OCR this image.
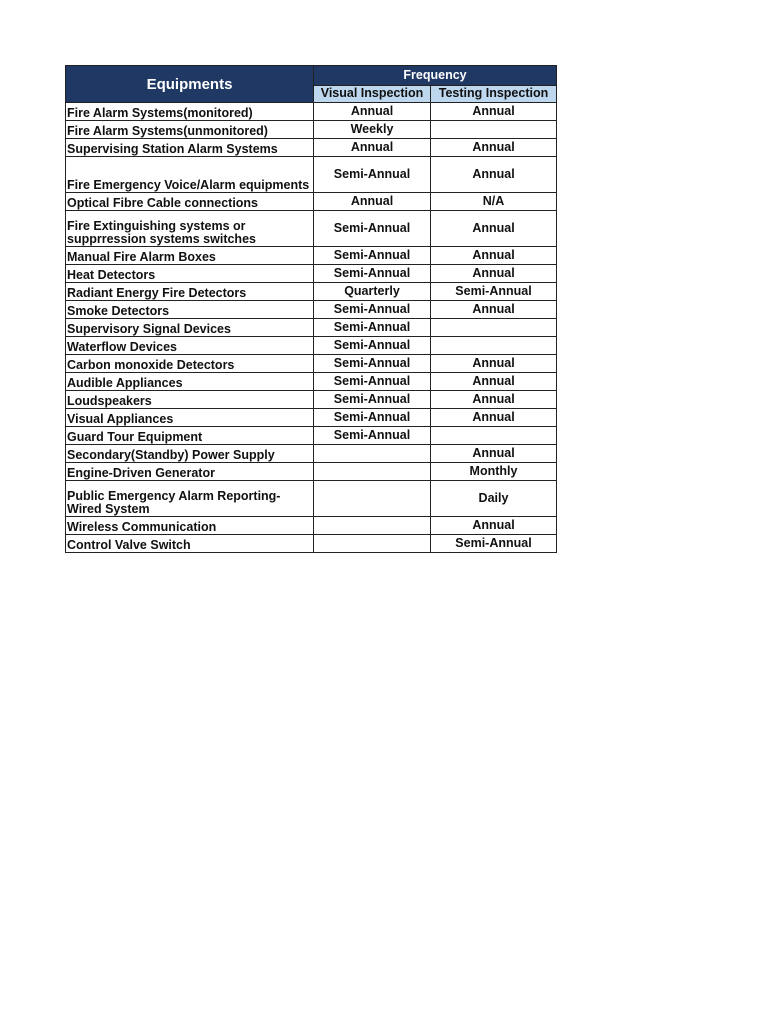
Equipments	Frequency	
	Visual Inspection	Testing Inspection
Fire Alarm Systems(monitored)	Annual	Annual
Fire Alarm Systems(unmonitored)	Weekly	
Supervising Station Alarm Systems	Annual	Annual
Fire Emergency Voice/Alarm equipments	Semi-Annual	Annual
Optical Fibre Cable connections	Annual	N/A
Fire Extinguishing systems or supprression systems switches	Semi-Annual	Annual
Manual Fire Alarm Boxes	Semi-Annual	Annual
Heat Detectors	Semi-Annual	Annual
Radiant Energy Fire Detectors	Quarterly	Semi-Annual
Smoke Detectors	Semi-Annual	Annual
Supervisory Signal Devices	Semi-Annual	
Waterflow Devices	Semi-Annual	
Carbon monoxide Detectors	Semi-Annual	Annual
Audible Appliances	Semi-Annual	Annual
Loudspeakers	Semi-Annual	Annual
Visual Appliances	Semi-Annual	Annual
Guard Tour Equipment	Semi-Annual	
Secondary(Standby) Power Supply		Annual
Engine-Driven Generator		Monthly
Public Emergency Alarm Reporting- Wired System		Daily
Wireless Communication		Annual
Control Valve Switch		Semi-Annual
